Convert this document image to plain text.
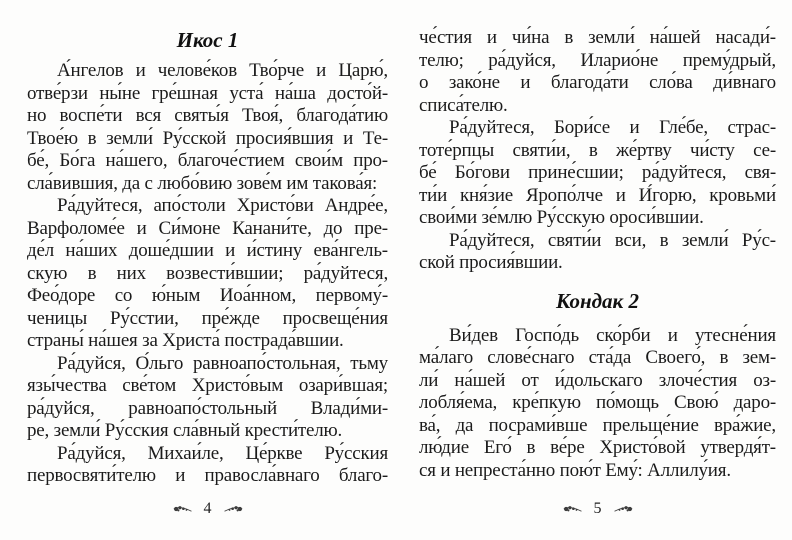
Икос 1
А́нгелов и челове́ков Тво́рче и Царю́,
отве́рзи ны́не гре́шная уста́ на́ша досто́й-
но воспе́ти вся святы́я Твоя́, благода́тию
Твое́ю в земли́ Ру́сской просия́вшия и Те-
бе́, Бо́га на́шего, благоче́стием свои́м про-
сла́вившия, да с любо́вию зове́м им такова́я:
Ра́дуйтеся, апо́столи Христо́ви Андре́е,
Варфоломе́е и Си́моне Канани́те, до пре-
де́л на́ших доше́дшии и и́стину ева́нгель-
скую в них возвести́вшии; ра́дуйтеся,
Фео́доре со ю́ным Иоа́нном, первому́-
ченицы Ру́сстии, пре́жде просвеще́ния
страны́ на́шея за Христа́ пострада́вшии.
Ра́дуйся, О́льго равноапо́стольная, тьму
язы́чества све́том Христо́вым озари́вшая;
ра́дуйся, равноапо́стольный Влади́ми-
ре, земли́ Ру́сския сла́вный крести́телю.
Ра́дуйся, Михаи́ле, Це́ркве Ру́сския
первосвяти́телю и правосла́внаго благо-
4
че́стия и чи́на в земли́ на́шей насади́-
телю; ра́дуйся, Иларио́не прему́дрый,
о зако́не и благода́ти сло́ва ди́внаго
списа́телю.
Ра́дуйтеся, Бори́се и Гле́бе, страс-
тоте́рпцы святи́и, в же́ртву чи́сту се-
бе́ Бо́гови прине́сшии; ра́дуйтеся, свя-
ти́и кня́зие Яропо́лче и И́горю, кровьми́
свои́ми зе́млю Ру́сскую ороси́вшии.
Ра́дуйтеся, святи́и вси, в земли́ Ру́с-
ской просия́вшии.
Кондак 2
Ви́дев Госпо́дь ско́рби и утесне́ния
ма́лаго слове́снаго ста́да Своего́, в зем-
ли́ на́шей от и́дольскаго злоче́стия оз-
лобля́ема, кре́пкую по́мощь Свою́ даро-
ва́, да посрами́вше прельще́ние вра́жие,
лю́дие Его́ в ве́ре Христо́вой утвердя́т-
ся и непреста́нно пою́т Ему́: Аллилу́ия.
5
